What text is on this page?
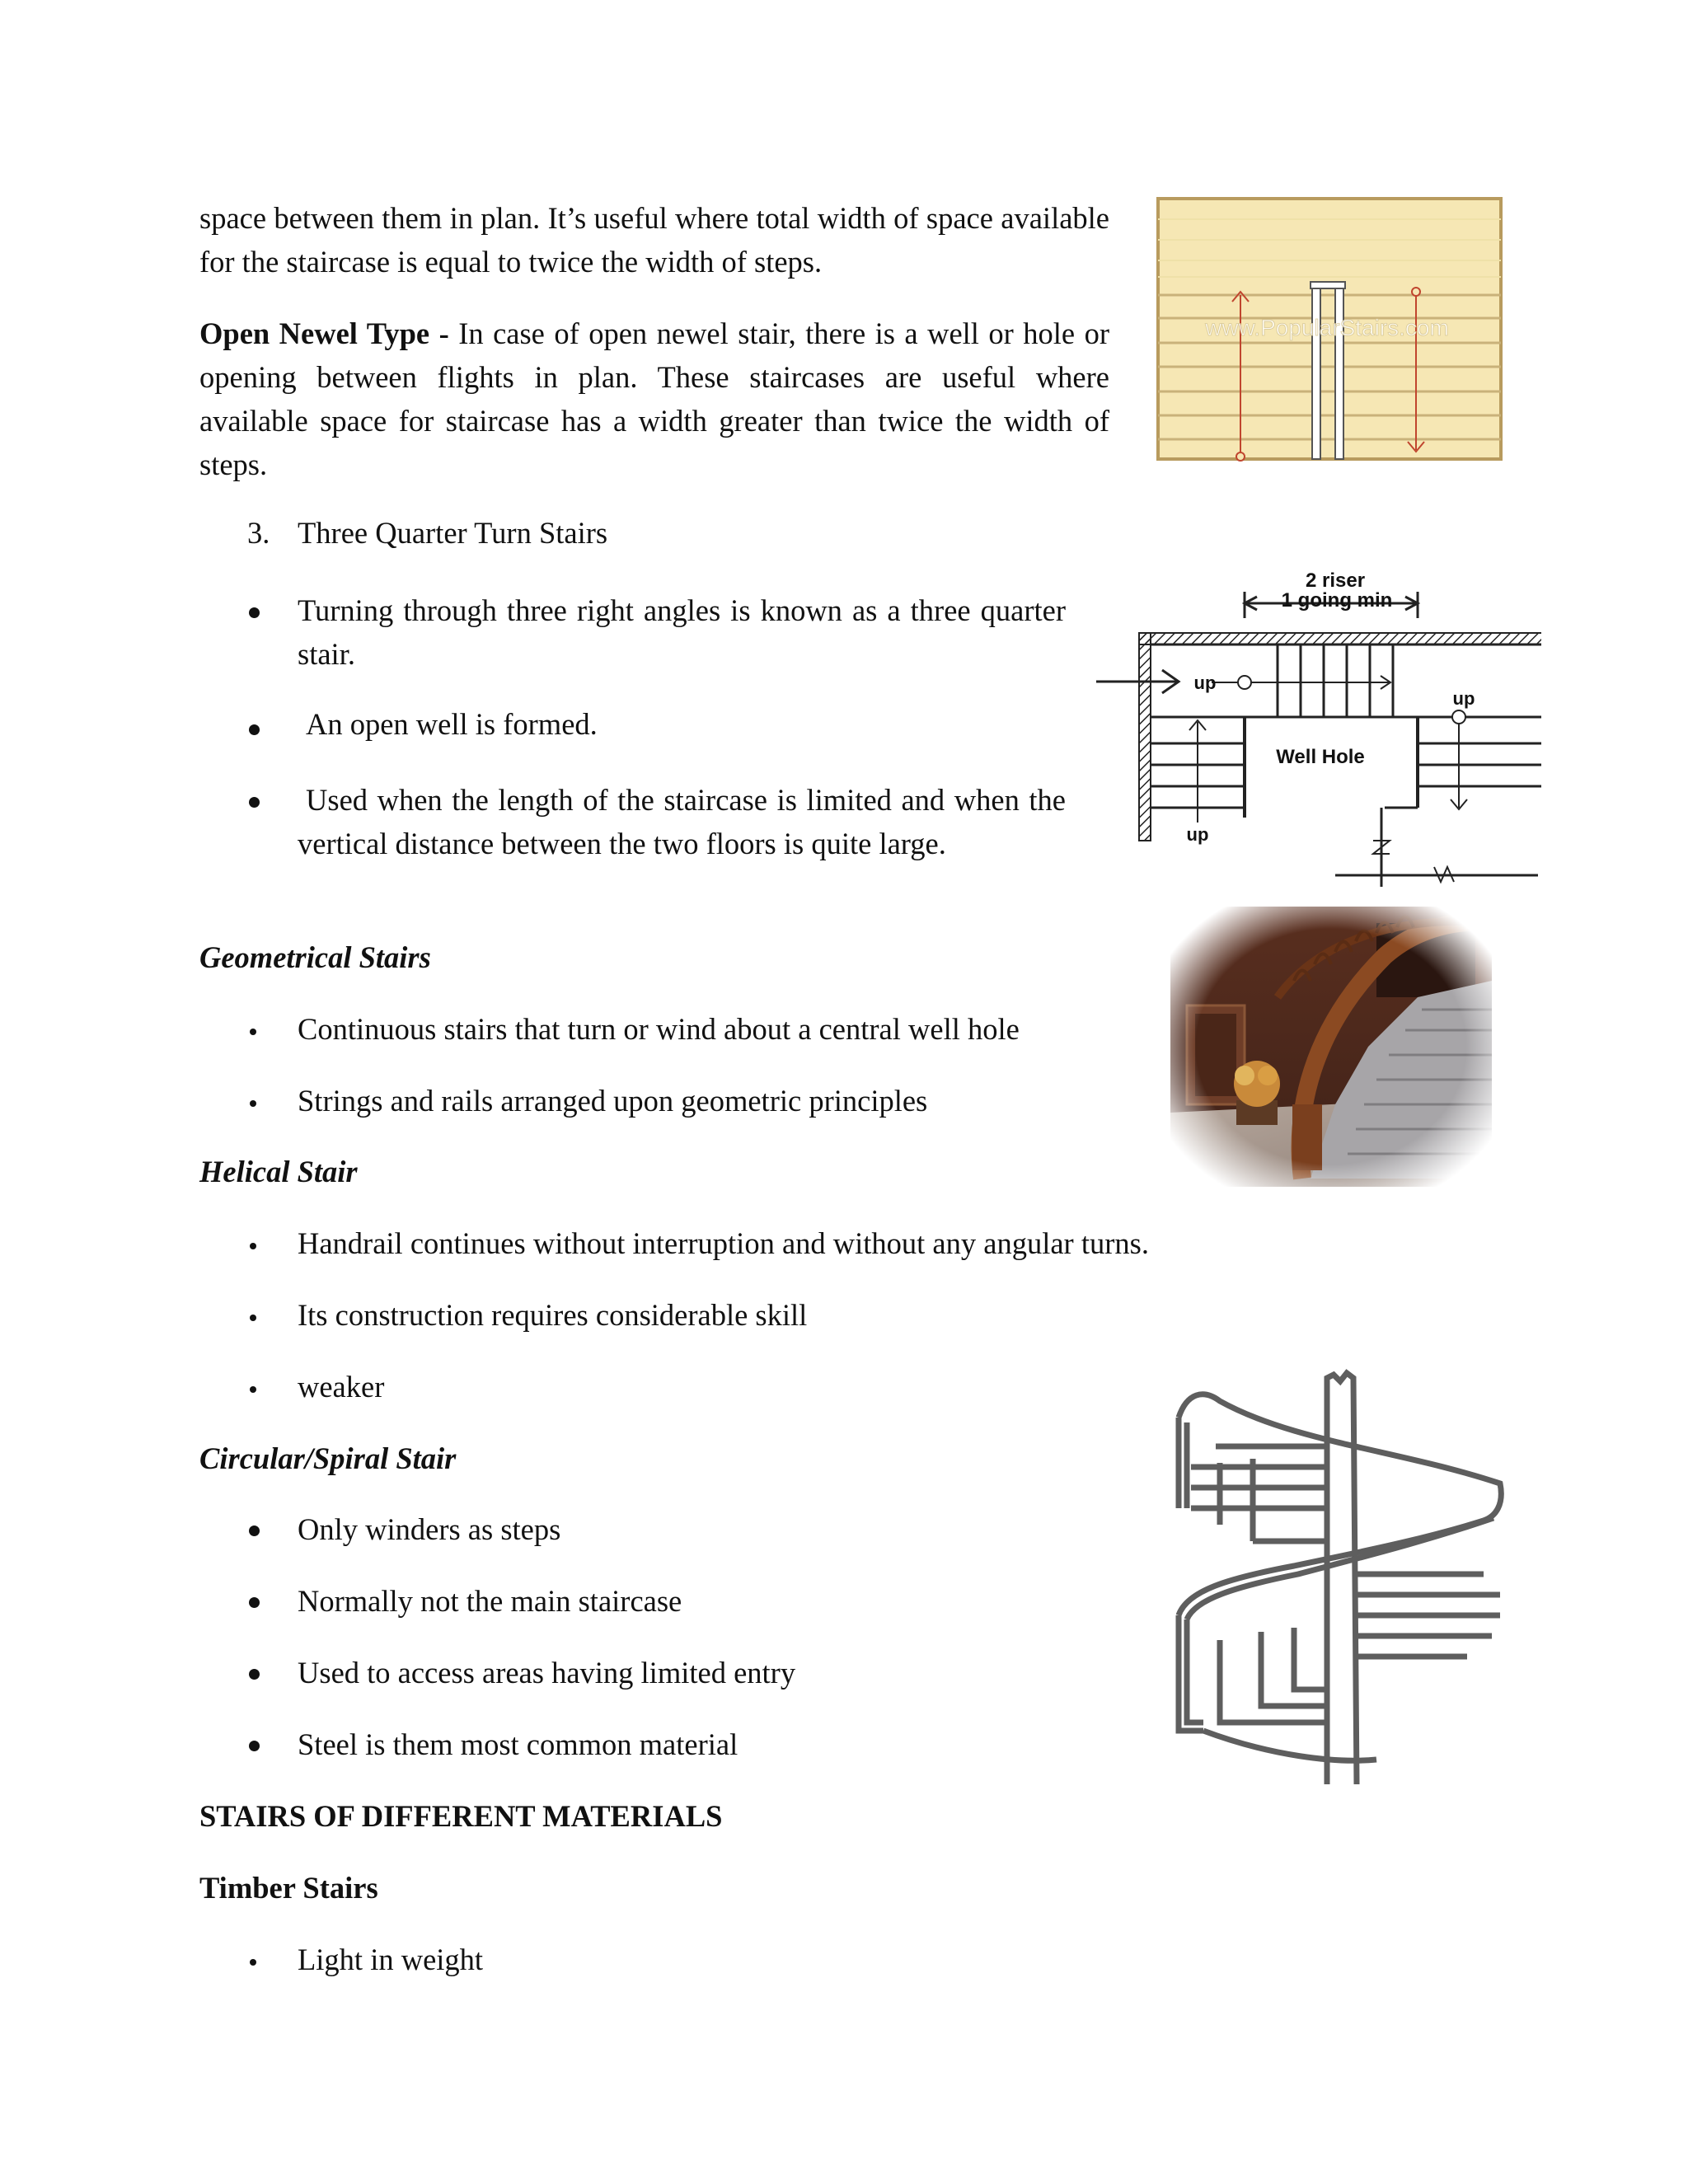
space between them in plan. It’s useful where total width of space available for the staircase is equal to twice the width of steps.
Open Newel Type - In case of open newel stair, there is a well or hole or opening between flights in plan. These staircases are useful where available space for staircase has a width greater than twice the width of steps.
3. Three Quarter Turn Stairs
Turning through three right angles is known as a three quarter stair.
An open well is formed.
Used when the length of the staircase is limited and when the vertical distance between the two floors is quite large.
Geometrical Stairs
Continuous stairs that turn or wind about a central well hole
Strings and rails arranged upon geometric principles
Helical Stair
Handrail continues without interruption and without any angular turns.
Its construction requires considerable skill
weaker
Circular/Spiral Stair
Only winders as steps
Normally not the main staircase
Used to access areas having limited entry
Steel is them most common material
STAIRS OF DIFFERENT MATERIALS
Timber Stairs
Light in weight
www.PopularStairs.com
2 riser
1 going min
up
up
up
Well Hole
